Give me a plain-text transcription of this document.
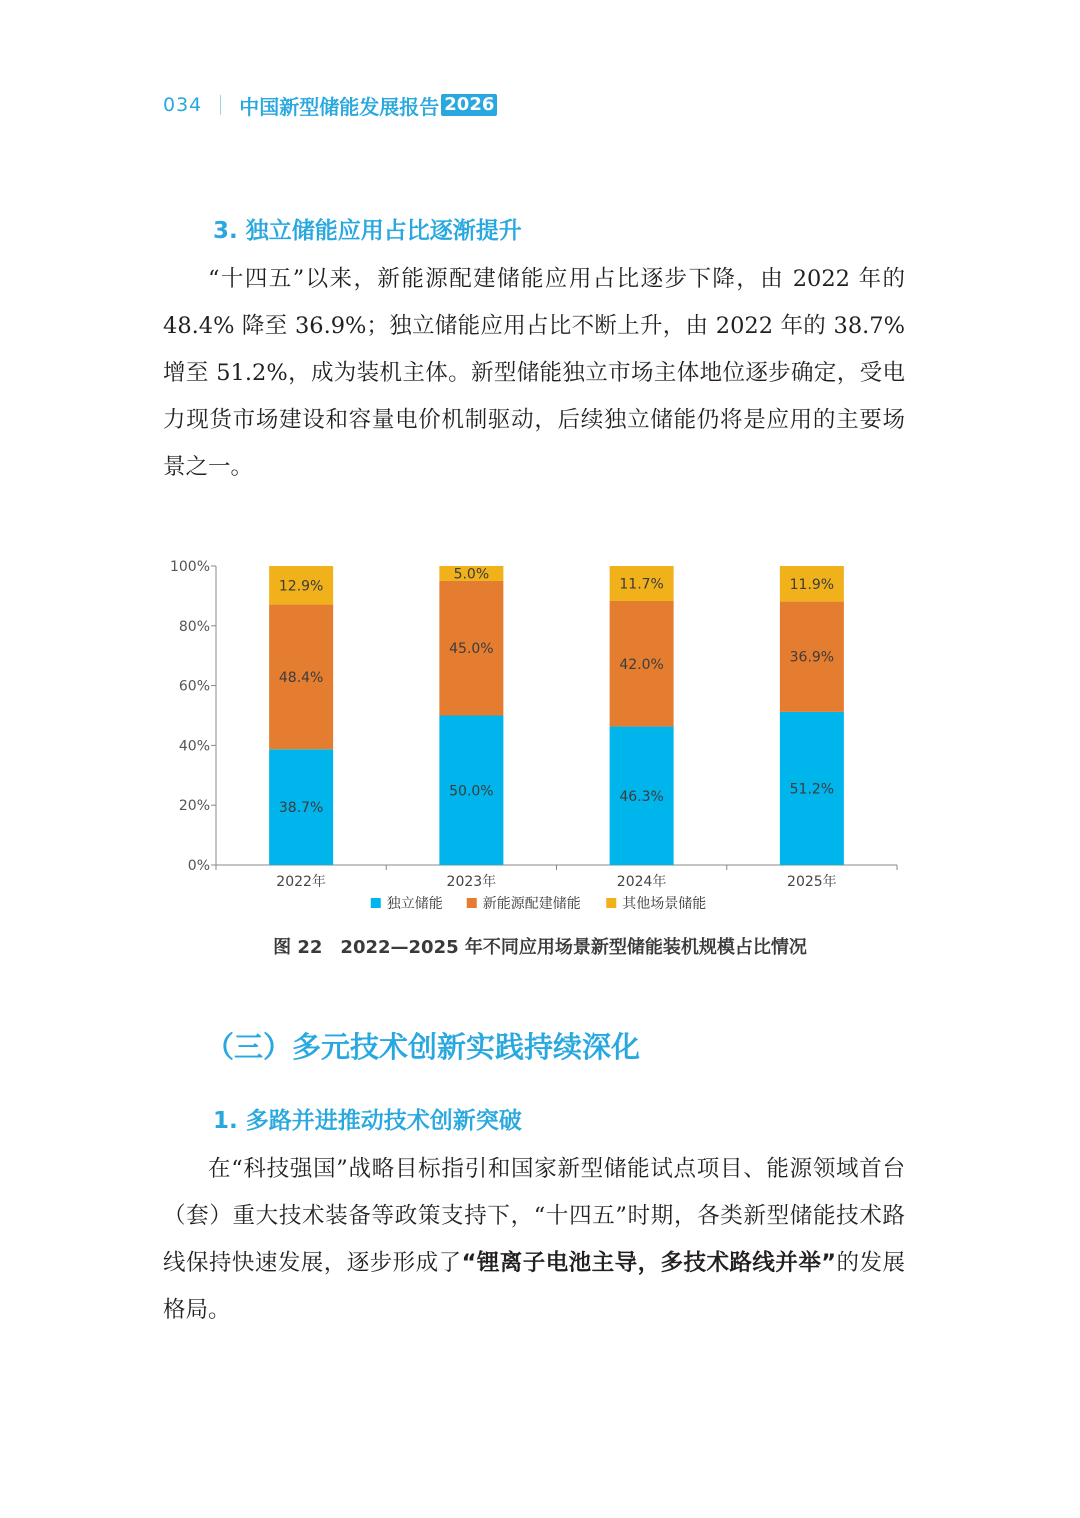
034 中国新型储能发展报告 2026
3. 独立储能应用占比逐渐提升

“十四五”以来，新能源配建储能应用占比逐步下降，由 2022 年的 48.4% 降至 36.9%；独立储能应用占比不断上升，由 2022 年的 38.7% 增至 51.2%，成为装机主体。新型储能独立市场主体地位逐步确定，受电力现货市场建设和容量电价机制驱动，后续独立储能仍将是应用的主要场景之一。

0%
20%
40%
60%
80%
100%
2022年
38.7%
48.4%
12.9%
2023年
50.0%
45.0%
5.0%
2024年
46.3%
42.0%
11.7%
2025年
51.2%
36.9%
11.9%
独立储能	新能源配建储能	其他场景储能
图 22 2022—2025 年不同应用场景新型储能装机规模占比情况
（三）多元技术创新实践持续深化
1. 多路并进推动技术创新突破

在“科技强国”战略目标指引和国家新型储能试点项目、能源领域首台（套）重大技术装备等政策支持下，“十四五”时期，各类新型储能技术路线保持快速发展，逐步形成了“锂离子电池主导，多技术路线并举”的发展格局。
